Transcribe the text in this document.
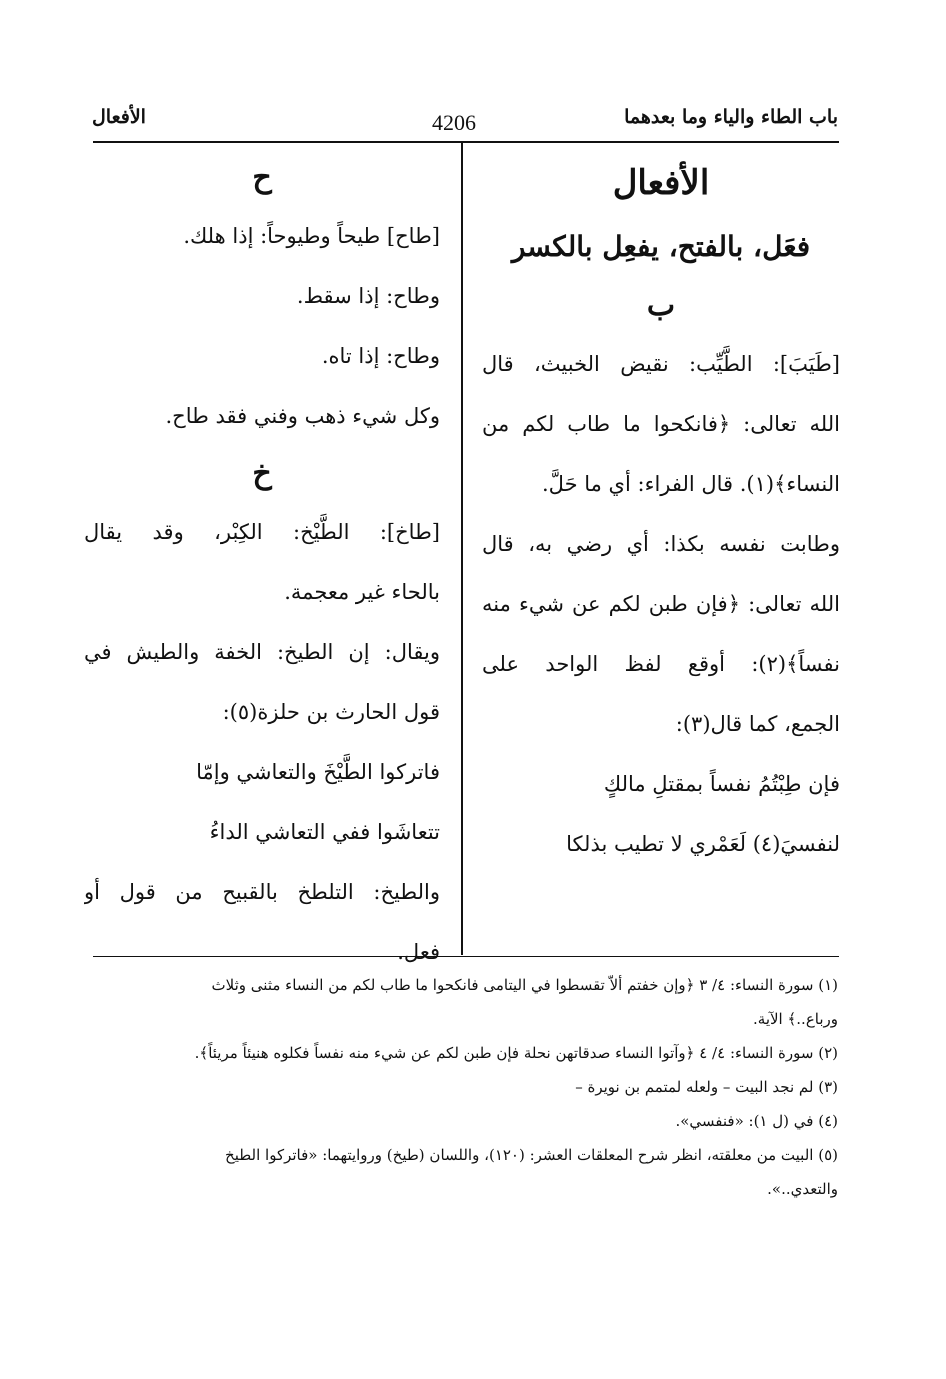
باب الطاء والياء وما بعدهما
4206
الأفعال
الأفعال
فعَل، بالفتح، يفعِل بالكسر
ب
[طَيَبَ]: الطَّيِّب: نقيض الخبيث، قال
الله تعالى: ﴿فانكحوا ما طاب لكم من
النساء﴾(١). قال الفراء: أي ما حَلَّ.
وطابت نفسه بكذا: أي رضي به، قال
الله تعالى: ﴿فإن طبن لكم عن شيء منه
نفساً﴾(٢): أوقع لفظ الواحد على
الجمع، كما قال(٣):
فإن طِبْتُمُ نفساً بمقتلِ مالكٍ
لنفسيَ(٤) لَعَمْري لا تطيب بذلكا
ح
[طاح] طيحاً وطيوحاً: إذا هلك.
وطاح: إذا سقط.
وطاح: إذا تاه.
وكل شيء ذهب وفني فقد طاح.
خ
[طاخ]: الطَّيْخ: الكِبْر، وقد يقال
بالحاء غير معجمة.
ويقال: إن الطيخ: الخفة والطيش في
قول الحارث بن حلزة(٥):
فاتركوا الطَّيْخَ والتعاشي وإمّا
تتعاشَوا ففي التعاشي الداءُ
والطيخ: التلطخ بالقبيح من قول أو
فعل.
(١) سورة النساء: ٤/ ٣ ﴿وإن خفتم ألاّ تقسطوا في اليتامى فانكحوا ما طاب لكم من النساء مثنى وثلاث
ورباع..﴾ الآية.
(٢) سورة النساء: ٤/ ٤ ﴿وآتوا النساء صدقاتهن نحلة فإن طبن لكم عن شيء منه نفساً فكلوه هنيئاً مريئاً﴾.
(٣) لم نجد البيت – ولعله لمتمم بن نويرة –
(٤) في (ل ١): «فنفسي».
(٥) البيت من معلقته، انظر شرح المعلقات العشر: (١٢٠)، واللسان (طيخ) وروايتهما: «فاتركوا الطيخ
والتعدي..».
